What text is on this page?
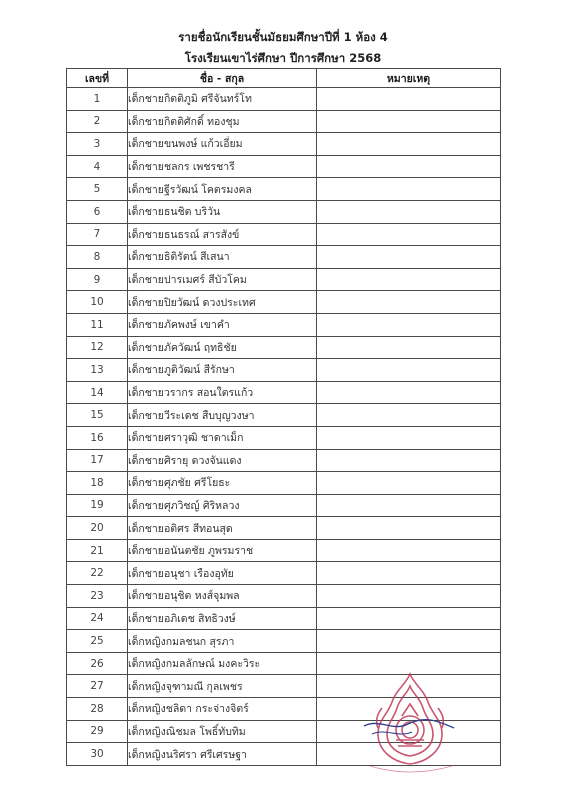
รายชื่อนักเรียนชั้นมัธยมศึกษาปีที่ 1 ห้อง 4
โรงเรียนเขาไร่ศึกษา ปีการศึกษา 2568
เลขที่	ชื่อ - สกุล	หมายเหตุ
1	เด็กชายกิตติภูมิ ศรีจันทร์โท	
2	เด็กชายกิตติศักดิ์ ทองชุม	
3	เด็กชายขนพงษ์ แก้วเอี่ยม	
4	เด็กชายชลกร เพชรชารี	
5	เด็กชายฐีรวัฒน์ โคตรมงคล	
6	เด็กชายธนชิต บริวัน	
7	เด็กชายธนธรณ์ สารสังข์	
8	เด็กชายธิติรัตน์ สีเสนา	
9	เด็กชายปารเมศร์ สีบัวโคม	
10	เด็กชายปิยวัฒน์ ดวงประเทศ	
11	เด็กชายภัคพงษ์ เขาคำ	
12	เด็กชายภัควัฒน์ ฤทธิชัย	
13	เด็กชายภูติวัฒน์ สีรักษา	
14	เด็กชายวรากร สอนใตรแก้ว	
15	เด็กชายวีระเดช สืบบุญวงษา	
16	เด็กชายศราวุฒิ ชาดาเม็ก	
17	เด็กชายศิรายุ ดวงจันแดง	
18	เด็กชายศุภชัย ศรีโยธะ	
19	เด็กชายศุภวิชญ์ ศิริหลวง	
20	เด็กชายอติศร สีทอนสุด	
21	เด็กชายอนันตชัย ภูพรมราช	
22	เด็กชายอนุชา เรืองอุทัย	
23	เด็กชายอนุชิต หงส์จุมพล	
24	เด็กชายอภิเดช สิทธิวงษ์	
25	เด็กหญิงกมลชนก สุรภา	
26	เด็กหญิงกมลลักษณ์ มงคะวิระ	
27	เด็กหญิงจุฑามณี กุลเพชร	
28	เด็กหญิงชลิดา กระจ่างจิตร์	
29	เด็กหญิงณิชมล โพธิ์ทับทิม	
30	เด็กหญิงนริศรา ศรีเศรษฐา	
